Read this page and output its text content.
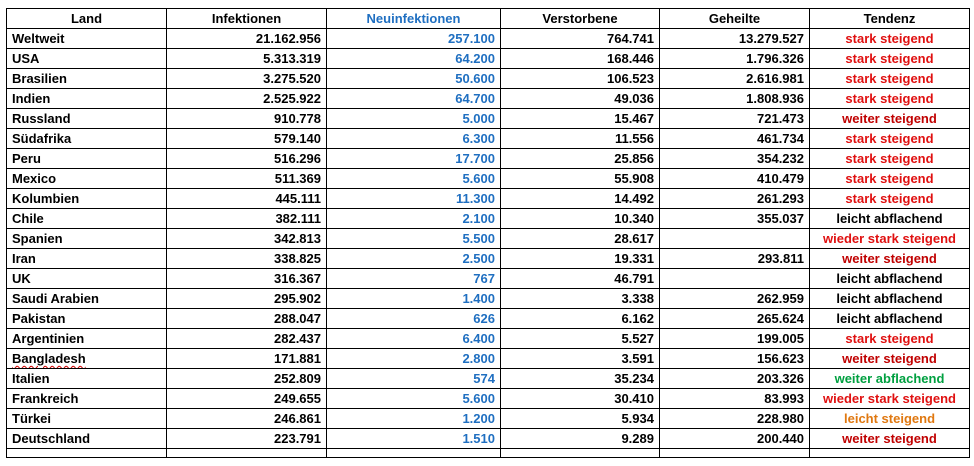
Land	Infektionen	Neuinfektionen	Verstorbene	Geheilte	Tendenz
Weltweit	21.162.956	257.100	764.741	13.279.527	stark steigend
USA	5.313.319	64.200	168.446	1.796.326	stark steigend
Brasilien	3.275.520	50.600	106.523	2.616.981	stark steigend
Indien	2.525.922	64.700	49.036	1.808.936	stark steigend
Russland	910.778	5.000	15.467	721.473	weiter steigend
Südafrika	579.140	6.300	11.556	461.734	stark steigend
Peru	516.296	17.700	25.856	354.232	stark steigend
Mexico	511.369	5.600	55.908	410.479	stark steigend
Kolumbien	445.111	11.300	14.492	261.293	stark steigend
Chile	382.111	2.100	10.340	355.037	leicht abflachend
Spanien	342.813	5.500	28.617		wieder stark steigend
Iran	338.825	2.500	19.331	293.811	weiter steigend
UK	316.367	767	46.791		leicht abflachend
Saudi Arabien	295.902	1.400	3.338	262.959	leicht abflachend
Pakistan	288.047	626	6.162	265.624	leicht abflachend
Argentinien	282.437	6.400	5.527	199.005	stark steigend
Bangladesh	171.881	2.800	3.591	156.623	weiter steigend
Italien	252.809	574	35.234	203.326	weiter abflachend
Frankreich	249.655	5.600	30.410	83.993	wieder stark steigend
Türkei	246.861	1.200	5.934	228.980	leicht steigend
Deutschland	223.791	1.510	9.289	200.440	weiter steigend
